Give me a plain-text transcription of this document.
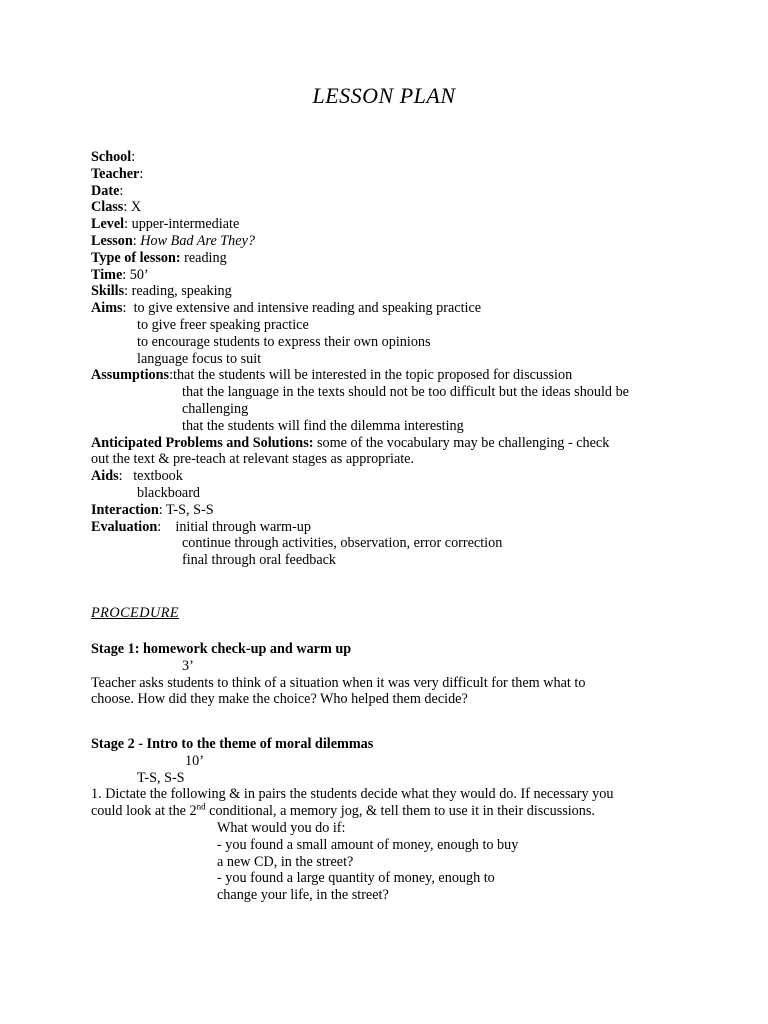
LESSON PLAN
School:
Teacher:
Date:
Class: X
Level: upper-intermediate
Lesson: How Bad Are They?
Type of lesson: reading
Time: 50’
Skills: reading, speaking
Aims:  to give extensive and intensive reading and speaking practice
to give freer speaking practice
to encourage students to express their own opinions
language focus to suit
Assumptions:that the students will be interested in the topic proposed for discussion
that the language in the texts should not be too difficult but the ideas should be
challenging
that the students will find the dilemma interesting
Anticipated Problems and Solutions: some of the vocabulary may be challenging - check
out the text & pre-teach at relevant stages as appropriate.
Aids:   textbook
blackboard
Interaction: T-S, S-S
Evaluation:    initial through warm-up
continue through activities, observation, error correction
final through oral feedback
PROCEDURE
Stage 1: homework check-up and warm up
3’
Teacher asks students to think of a situation when it was very difficult for them what to
choose. How did they make the choice? Who helped them decide?
Stage 2 - Intro to the theme of moral dilemmas
10’
T-S, S-S
1. Dictate the following & in pairs the students decide what they would do. If necessary you
could look at the 2nd conditional, a memory jog, & tell them to use it in their discussions.
What would you do if:
- you found a small amount of money, enough to buy
a new CD, in the street?
- you found a large quantity of money, enough to
change your life, in the street?
